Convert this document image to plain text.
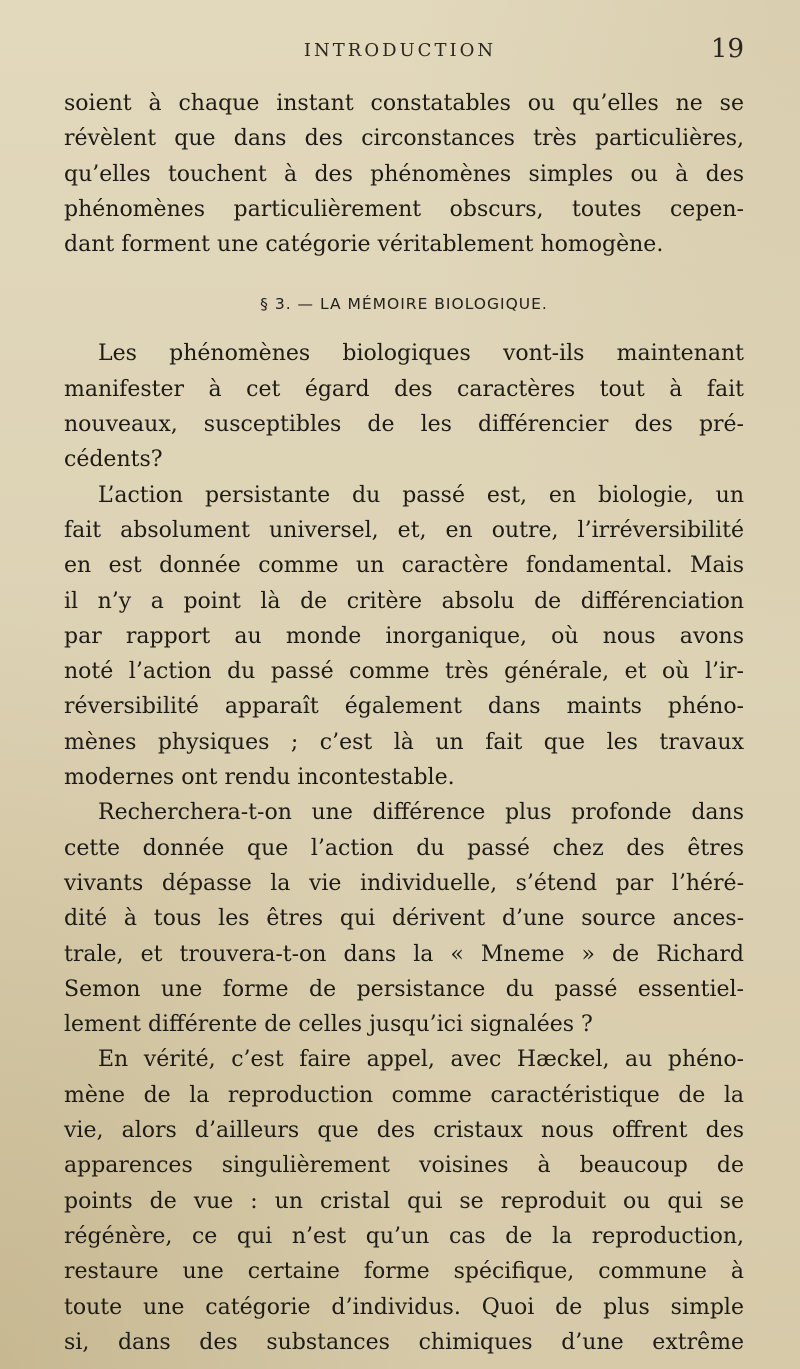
INTRODUCTION	19
soient à chaque instant constatables ou qu’elles ne se
révèlent que dans des circonstances très particulières,
qu’elles touchent à des phénomènes simples ou à des
phénomènes particulièrement obscurs, toutes cepen-
dant forment une catégorie véritablement homogène.
§ 3. — LA MÉMOIRE BIOLOGIQUE.
Les phénomènes biologiques vont-ils maintenant
manifester à cet égard des caractères tout à fait
nouveaux, susceptibles de les différencier des pré-
cédents?
L’action persistante du passé est, en biologie, un
fait absolument universel, et, en outre, l’irréversibilité
en est donnée comme un caractère fondamental. Mais
il n’y a point là de critère absolu de différenciation
par rapport au monde inorganique, où nous avons
noté l’action du passé comme très générale, et où l’ir-
réversibilité apparaît également dans maints phéno-
mènes physiques ; c’est là un fait que les travaux
modernes ont rendu incontestable.
Recherchera-t-on une différence plus profonde dans
cette donnée que l’action du passé chez des êtres
vivants dépasse la vie individuelle, s’étend par l’héré-
dité à tous les êtres qui dérivent d’une source ances-
trale, et trouvera-t-on dans la « Mneme » de Richard
Semon une forme de persistance du passé essentiel-
lement différente de celles jusqu’ici signalées ?
En vérité, c’est faire appel, avec Hæckel, au phéno-
mène de la reproduction comme caractéristique de la
vie, alors d’ailleurs que des cristaux nous offrent des
apparences singulièrement voisines à beaucoup de
points de vue : un cristal qui se reproduit ou qui se
régénère, ce qui n’est qu’un cas de la reproduction,
restaure une certaine forme spécifique, commune à
toute une catégorie d’individus. Quoi de plus simple
si, dans des substances chimiques d’une extrême
